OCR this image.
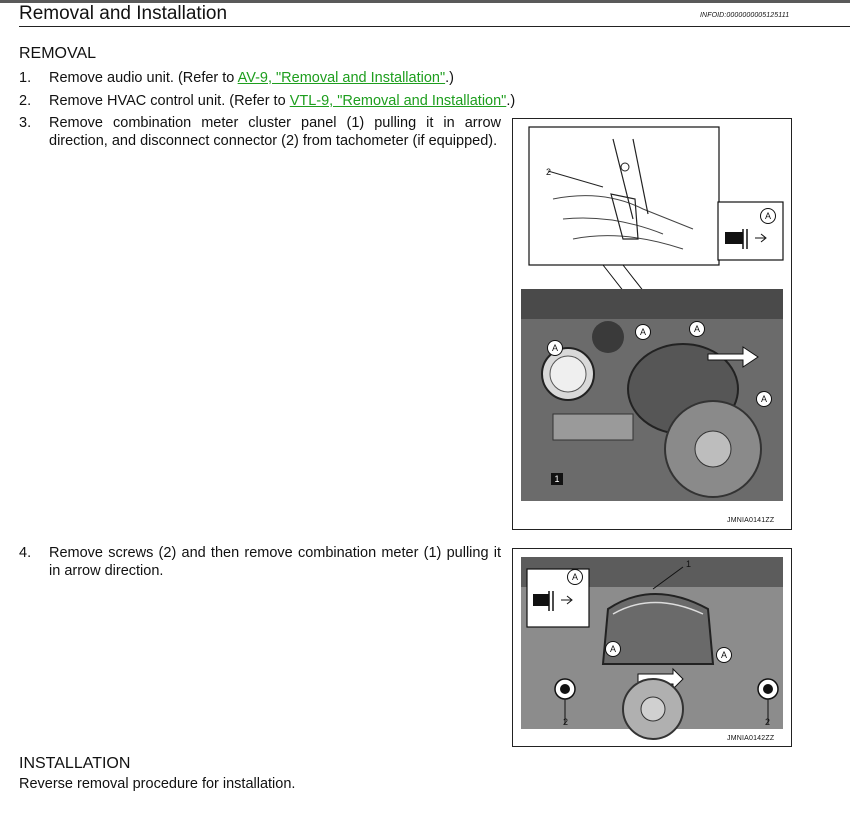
Removal and Installation	INFOID:0000000005125111
REMOVAL
1.	Remove audio unit. (Refer to AV-9, "Removal and Installation".)
2.	Remove HVAC control unit. (Refer to VTL-9, "Removal and Installation".)
3.	Remove combination meter cluster panel (1) pulling it in arrow direction, and disconnect connector (2) from tachometer (if equipped).
A
A	A
A
A
2
1
JMNIA0141ZZ
4.	Remove screws (2) and then remove combination meter (1) pulling it in arrow direction.	A
A
A
1
2	2
JMNIA0142ZZ
INSTALLATION
Reverse removal procedure for installation.
